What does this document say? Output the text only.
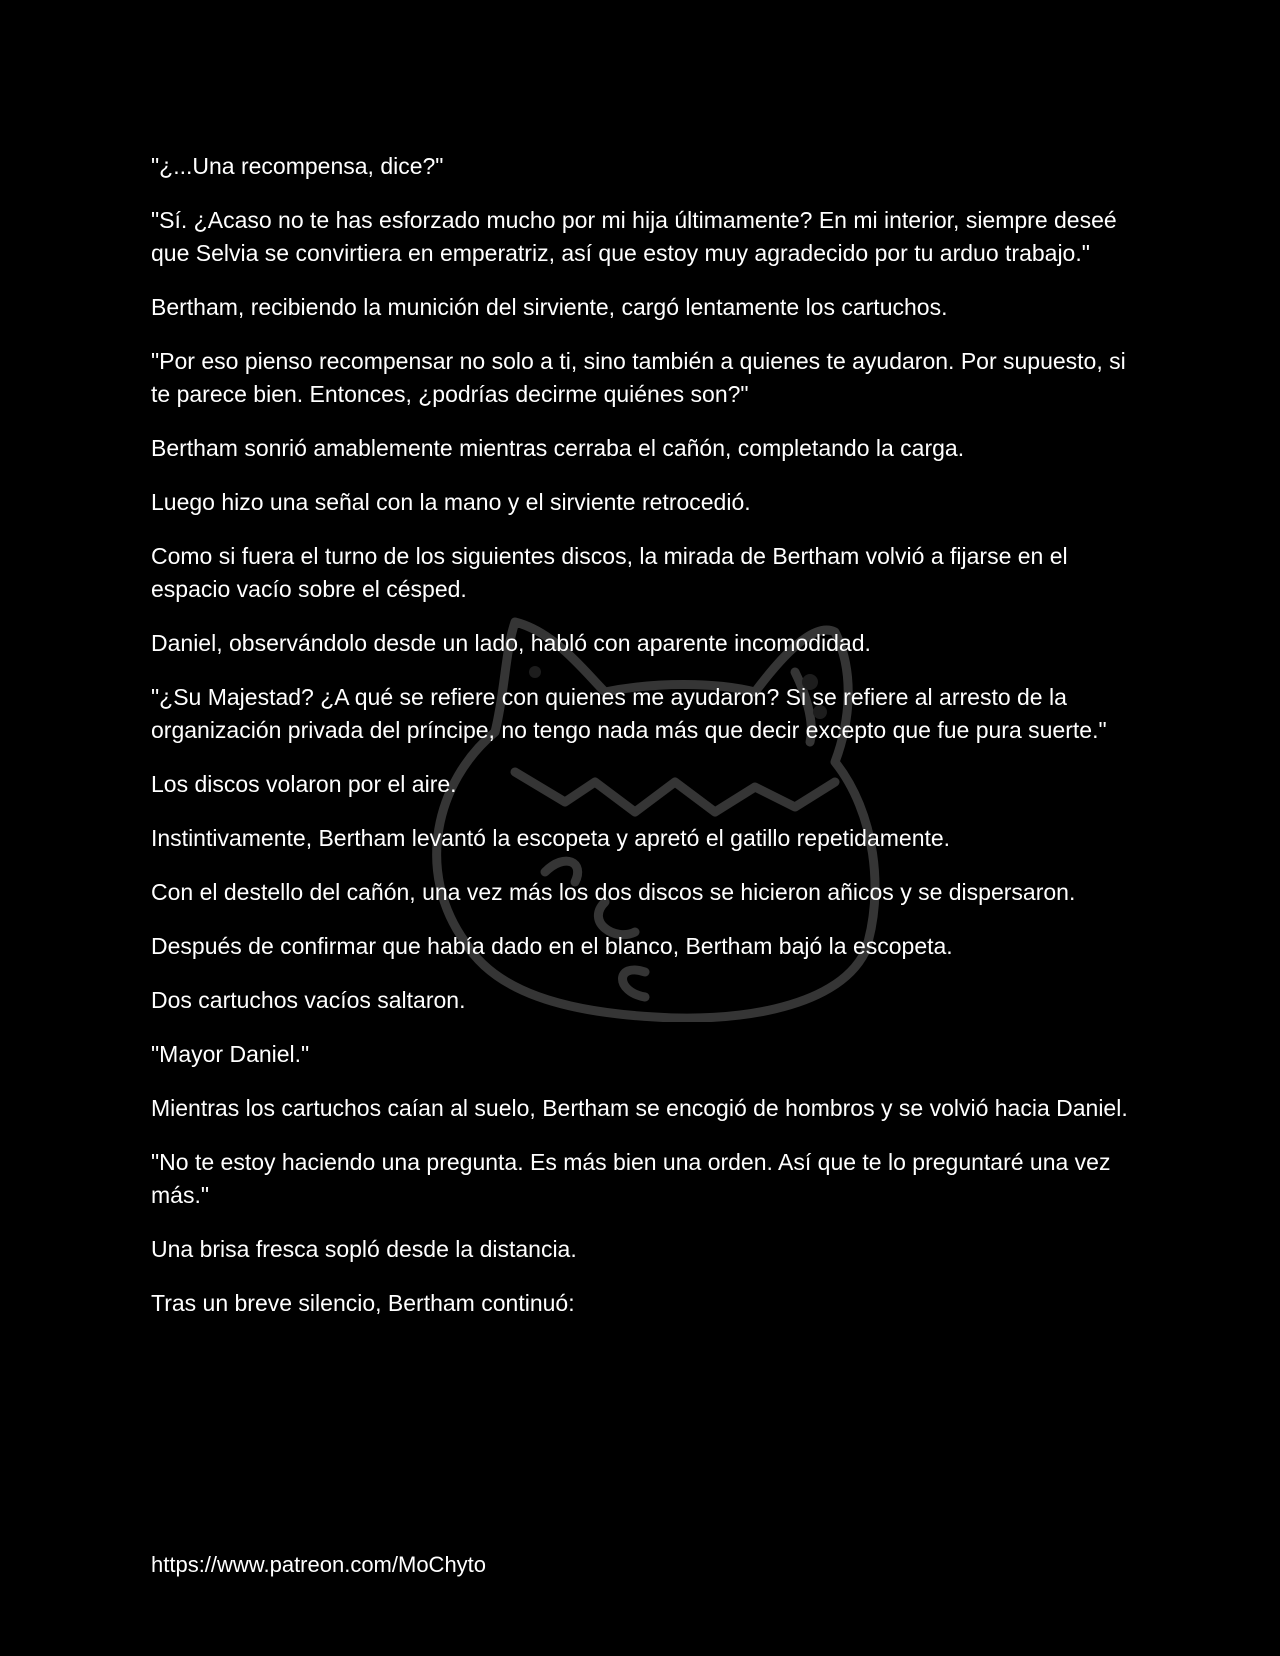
"¿...Una recompensa, dice?"

"Sí. ¿Acaso no te has esforzado mucho por mi hija últimamente? En mi interior, siempre deseé que Selvia se convirtiera en emperatriz, así que estoy muy agradecido por tu arduo trabajo."

Bertham, recibiendo la munición del sirviente, cargó lentamente los cartuchos.

"Por eso pienso recompensar no solo a ti, sino también a quienes te ayudaron. Por supuesto, si te parece bien. Entonces, ¿podrías decirme quiénes son?"

Bertham sonrió amablemente mientras cerraba el cañón, completando la carga.

Luego hizo una señal con la mano y el sirviente retrocedió.

Como si fuera el turno de los siguientes discos, la mirada de Bertham volvió a fijarse en el espacio vacío sobre el césped.

Daniel, observándolo desde un lado, habló con aparente incomodidad.

"¿Su Majestad? ¿A qué se refiere con quienes me ayudaron? Si se refiere al arresto de la organización privada del príncipe, no tengo nada más que decir excepto que fue pura suerte."

Los discos volaron por el aire.

Instintivamente, Bertham levantó la escopeta y apretó el gatillo repetidamente.

Con el destello del cañón, una vez más los dos discos se hicieron añicos y se dispersaron.

Después de confirmar que había dado en el blanco, Bertham bajó la escopeta.

Dos cartuchos vacíos saltaron.

"Mayor Daniel."

Mientras los cartuchos caían al suelo, Bertham se encogió de hombros y se volvió hacia Daniel.

"No te estoy haciendo una pregunta. Es más bien una orden. Así que te lo preguntaré una vez más."

Una brisa fresca sopló desde la distancia.

Tras un breve silencio, Bertham continuó:

https://www.patreon.com/MoChyto
